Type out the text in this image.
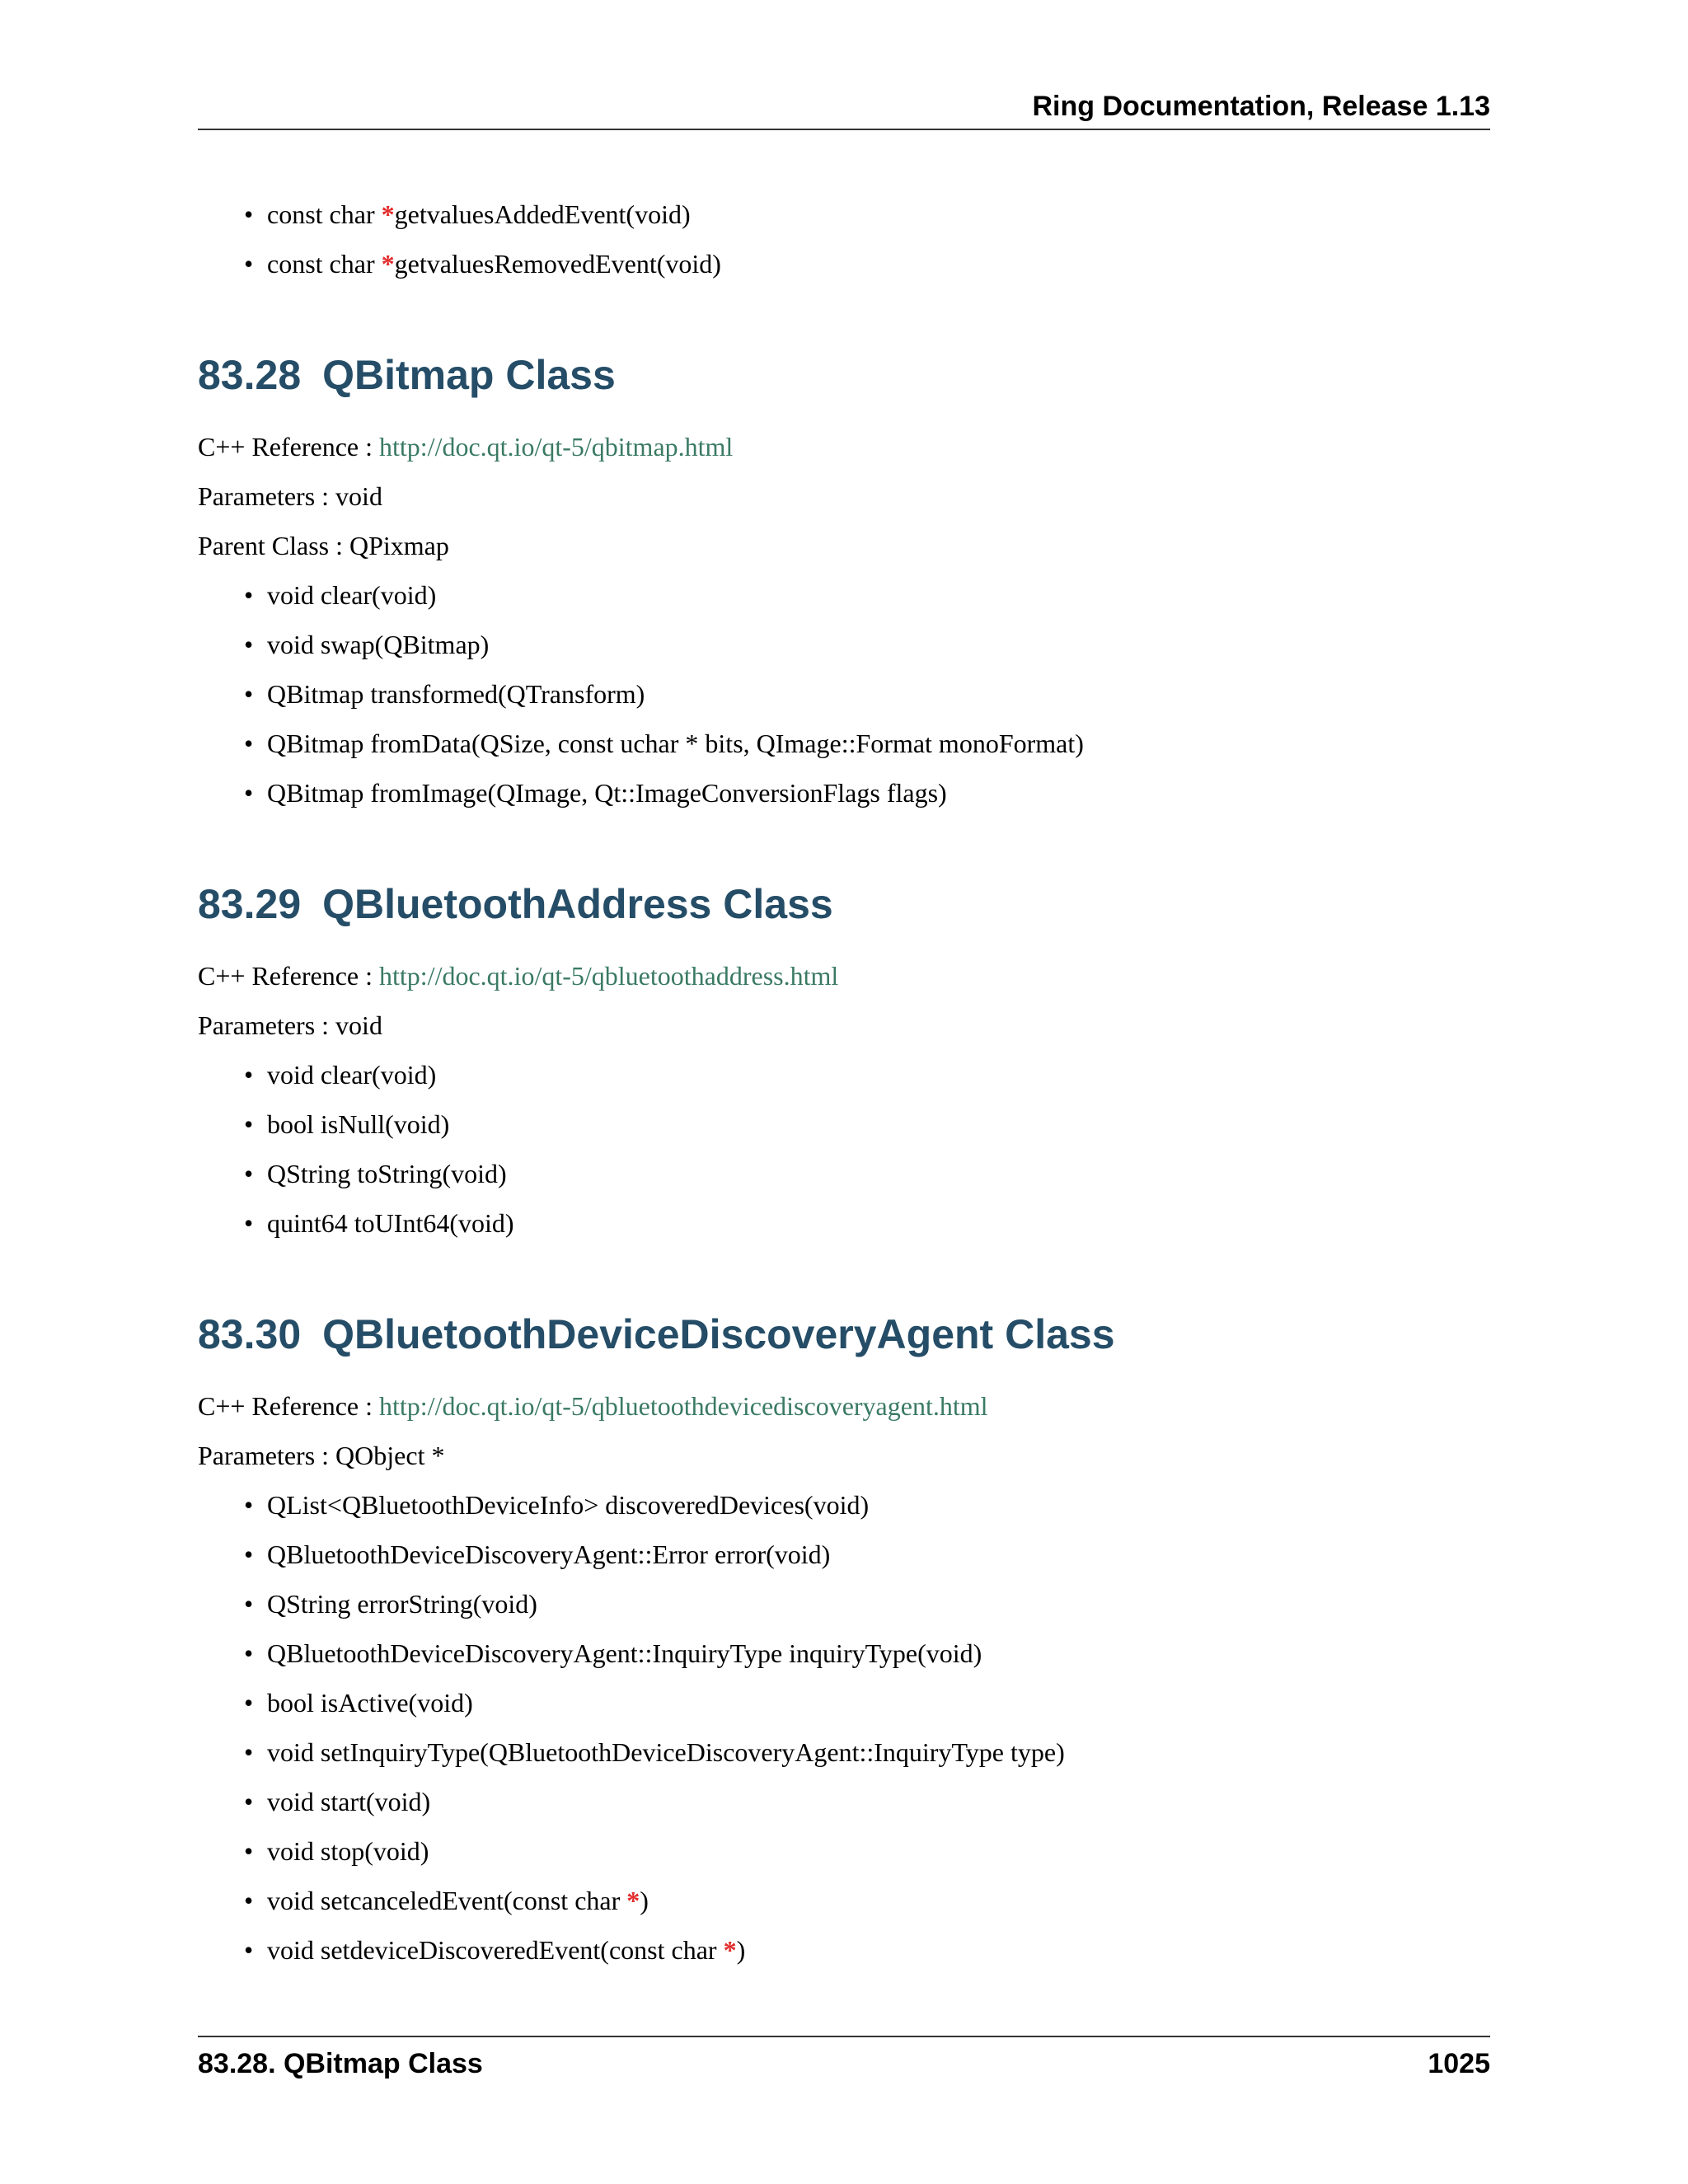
Ring Documentation, Release 1.13
• const char *getvaluesAddedEvent(void)
• const char *getvaluesRemovedEvent(void)
83.28 QBitmap Class
C++ Reference : http://doc.qt.io/qt-5/qbitmap.html
Parameters : void
Parent Class : QPixmap
• void clear(void)
• void swap(QBitmap)
• QBitmap transformed(QTransform)
• QBitmap fromData(QSize, const uchar * bits, QImage::Format monoFormat)
• QBitmap fromImage(QImage, Qt::ImageConversionFlags flags)
83.29 QBluetoothAddress Class
C++ Reference : http://doc.qt.io/qt-5/qbluetoothaddress.html
Parameters : void
• void clear(void)
• bool isNull(void)
• QString toString(void)
• quint64 toUInt64(void)
83.30 QBluetoothDeviceDiscoveryAgent Class
C++ Reference : http://doc.qt.io/qt-5/qbluetoothdevicediscoveryagent.html
Parameters : QObject *
• QList<QBluetoothDeviceInfo> discoveredDevices(void)
• QBluetoothDeviceDiscoveryAgent::Error error(void)
• QString errorString(void)
• QBluetoothDeviceDiscoveryAgent::InquiryType inquiryType(void)
• bool isActive(void)
• void setInquiryType(QBluetoothDeviceDiscoveryAgent::InquiryType type)
• void start(void)
• void stop(void)
• void setcanceledEvent(const char *)
• void setdeviceDiscoveredEvent(const char *)
83.28. QBitmap Class	1025
